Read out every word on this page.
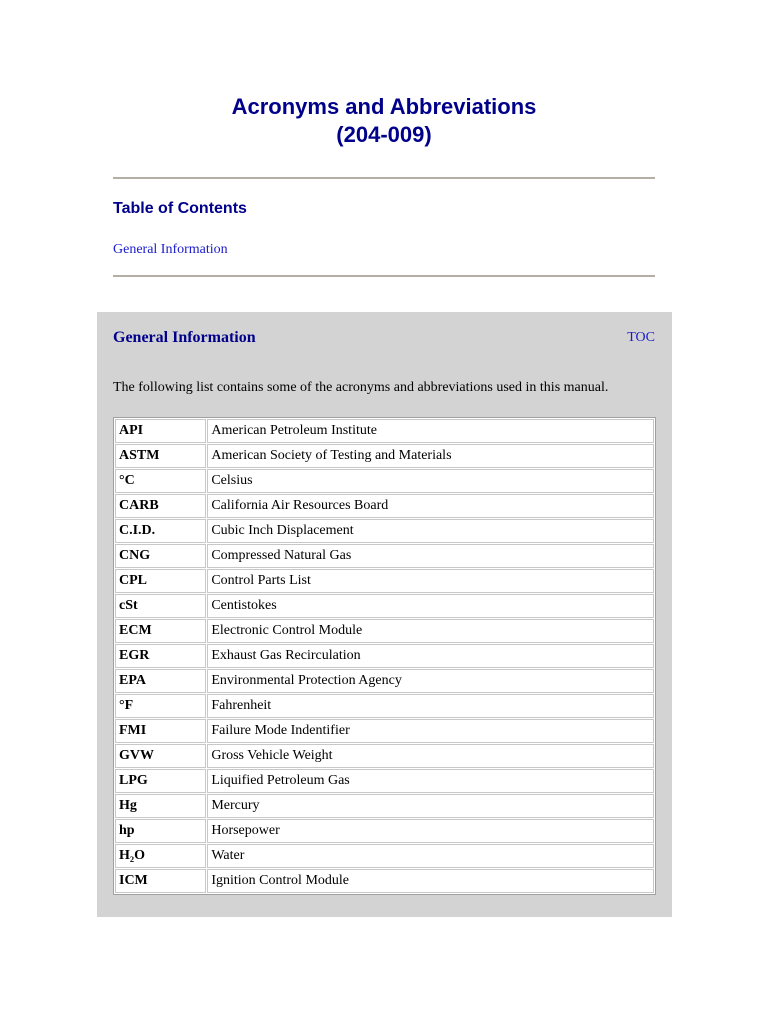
Acronyms and Abbreviations
(204-009)
Table of Contents
General Information
General Information	TOC
The following list contains some of the acronyms and abbreviations used in this manual.
API	American Petroleum Institute
ASTM	American Society of Testing and Materials
°C	Celsius
CARB	California Air Resources Board
C.I.D.	Cubic Inch Displacement
CNG	Compressed Natural Gas
CPL	Control Parts List
cSt	Centistokes
ECM	Electronic Control Module
EGR	Exhaust Gas Recirculation
EPA	Environmental Protection Agency
°F	Fahrenheit
FMI	Failure Mode Indentifier
GVW	Gross Vehicle Weight
LPG	Liquified Petroleum Gas
Hg	Mercury
hp	Horsepower
H₂O	Water
ICM	Ignition Control Module
